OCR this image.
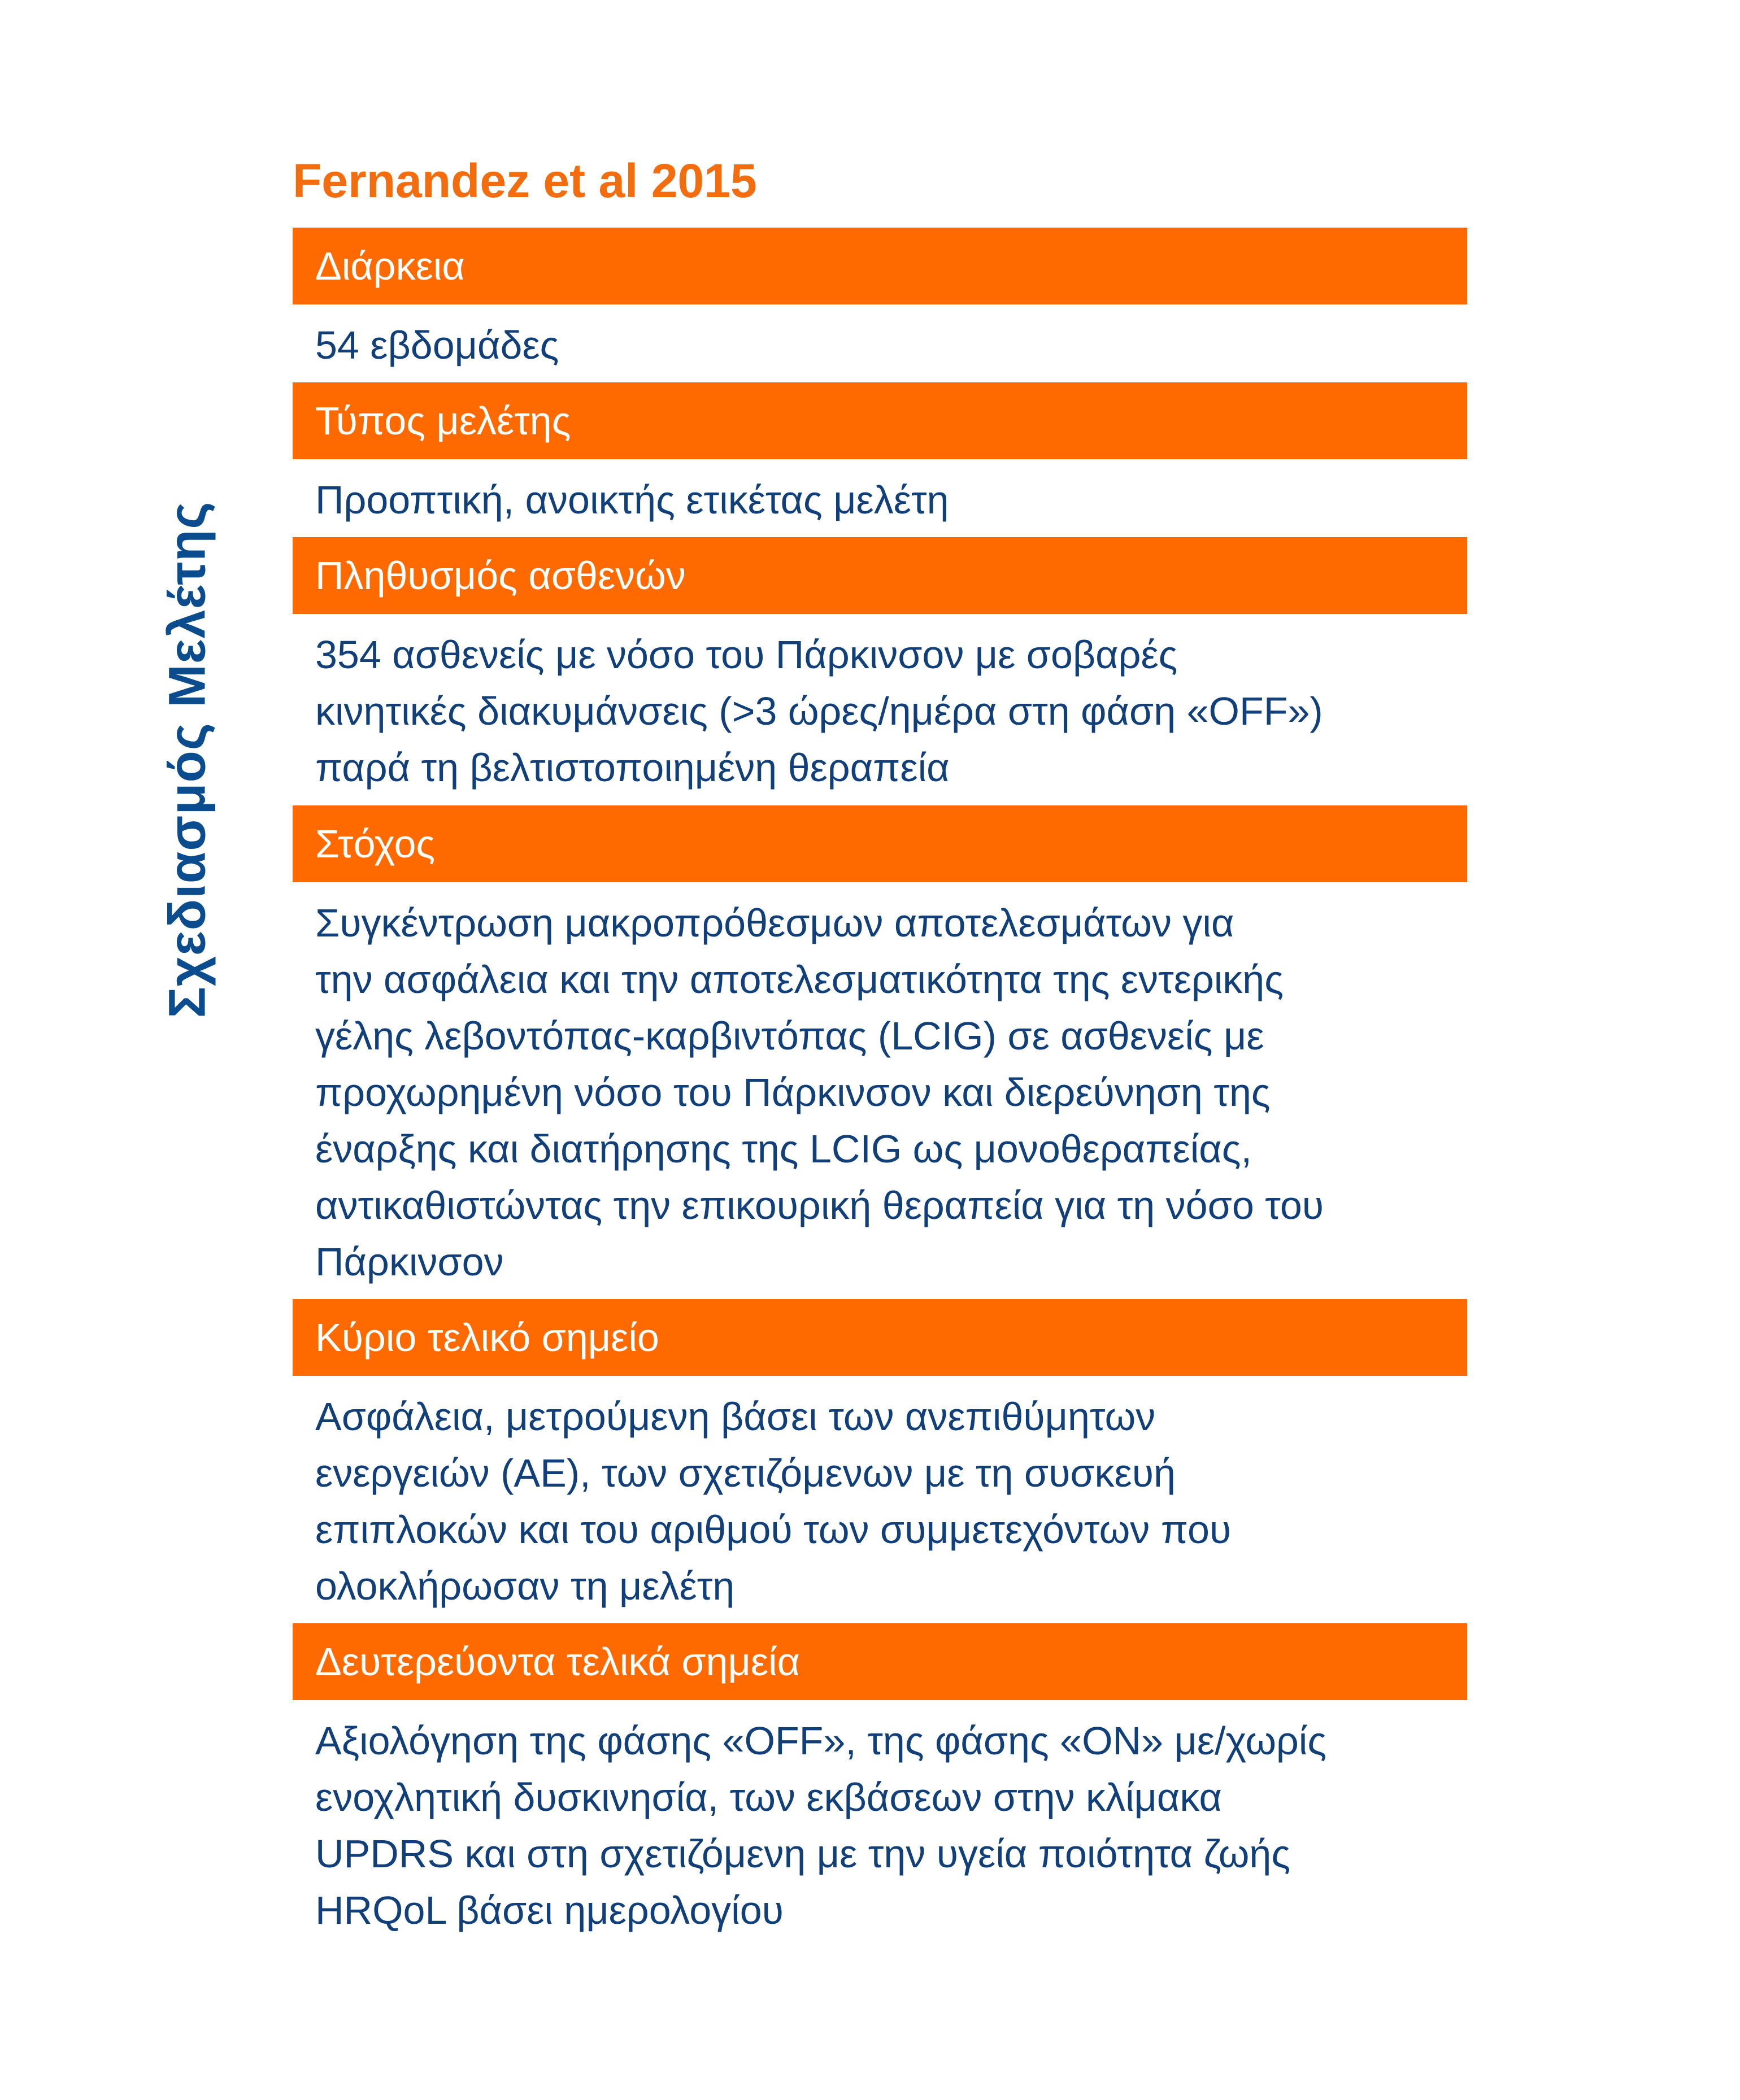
Σχεδιασμός Μελέτης
Fernandez et al 2015
Διάρκεια
54 εβδομάδες
Τύπος μελέτης
Προοπτική, ανοικτής ετικέτας μελέτη
Πληθυσμός ασθενών
354 ασθενείς με νόσο του Πάρκινσον με σοβαρές
κινητικές διακυμάνσεις (>3 ώρες/ημέρα στη φάση «OFF»)
παρά τη βελτιστοποιημένη θεραπεία
Στόχος
Συγκέντρωση μακροπρόθεσμων αποτελεσμάτων για
την ασφάλεια και την αποτελεσματικότητα της εντερικής
γέλης λεβοντόπας-καρβιντόπας (LCIG) σε ασθενείς με
προχωρημένη νόσο του Πάρκινσον και διερεύνηση της
έναρξης και διατήρησης της LCIG ως μονοθεραπείας,
αντικαθιστώντας την επικουρική θεραπεία για τη νόσο του
Πάρκινσον
Κύριο τελικό σημείο
Ασφάλεια, μετρούμενη βάσει των ανεπιθύμητων
ενεργειών (AE), των σχετιζόμενων με τη συσκευή
επιπλοκών και του αριθμού των συμμετεχόντων που
ολοκλήρωσαν τη μελέτη
Δευτερεύοντα τελικά σημεία
Αξιολόγηση της φάσης «OFF», της φάσης «ON» με/χωρίς
ενοχλητική δυσκινησία, των εκβάσεων στην κλίμακα
UPDRS και στη σχετιζόμενη με την υγεία ποιότητα ζωής
HRQoL βάσει ημερολογίου
